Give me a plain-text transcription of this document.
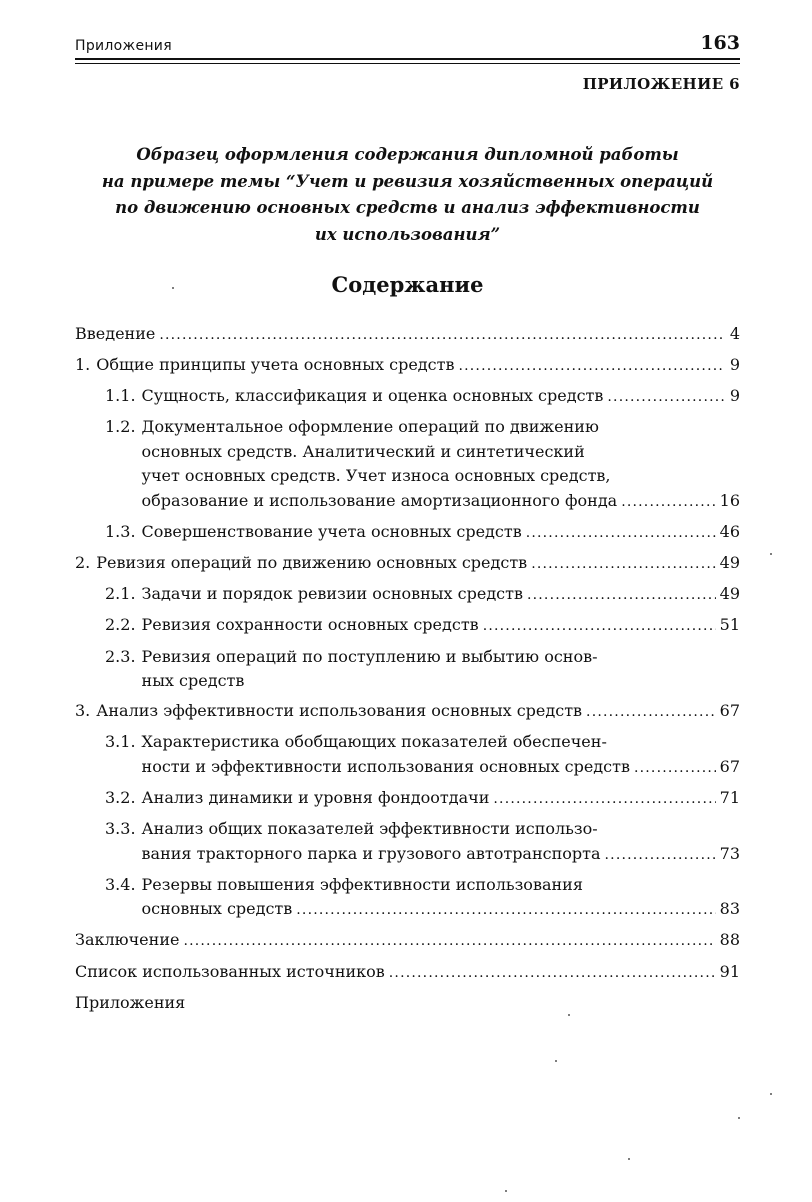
Приложения	163
ПРИЛОЖЕНИЕ 6
Образец оформления содержания дипломной работы
на примере темы “Учет и ревизия хозяйственных операций
по движению основных средств и анализ эффективности
их использования”
Содержание
Введение .....	4
1. Общие принципы учета основных средств .....	9
1.1. Сущность, классификация и оценка основных средств .....	9
1.2. Документальное оформление операций по движению
основных средств. Аналитический и синтетический
учет основных средств. Учет износа основных средств,
образование и использование амортизационного фонда .....	16
1.3. Совершенствование учета основных средств .....	46
2. Ревизия операций по движению основных средств .....	49
2.1. Задачи и порядок ревизии основных средств .....	49
2.2. Ревизия сохранности основных средств .....	51
2.3. Ревизия операций по поступлению и выбытию основ-
ных средств
3. Анализ эффективности использования основных средств .....	67
3.1. Характеристика обобщающих показателей обеспечен-
ности и эффективности использования основных средств .....	67
3.2. Анализ динамики и уровня фондоотдачи .....	71
3.3. Анализ общих показателей эффективности использо-
вания тракторного парка и грузового автотранспорта .....	73
3.4. Резервы повышения эффективности использования
основных средств .....	83
Заключение .....	88
Список использованных источников .....	91
Приложения
